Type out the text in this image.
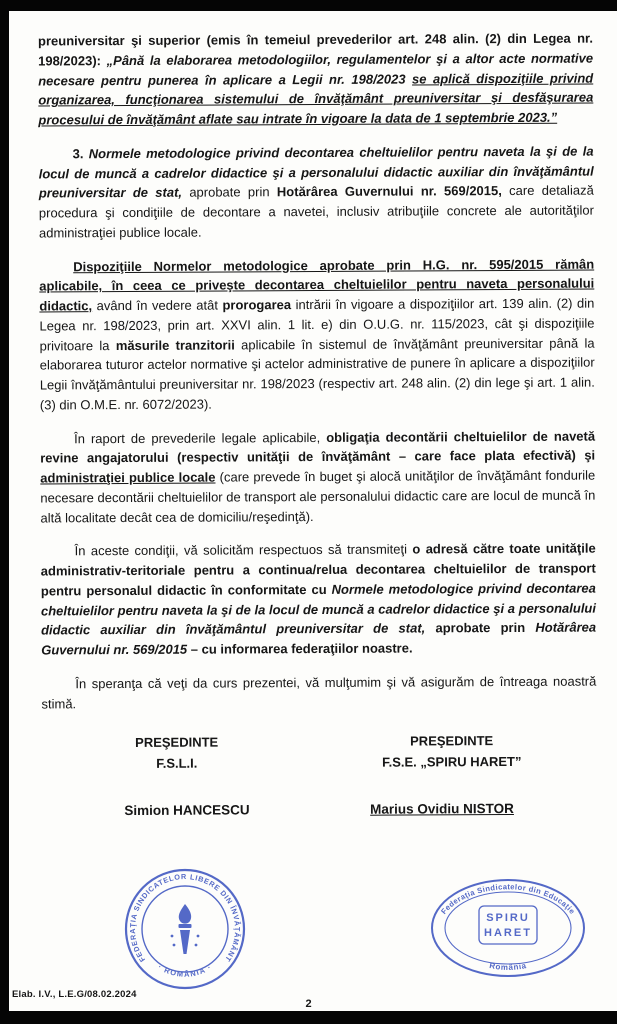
preuniversitar şi superior (emis în temeiul prevederilor art. 248 alin. (2) din Legea nr. 198/2023): „Până la elaborarea metodologiilor, regulamentelor şi a altor acte normative necesare pentru punerea în aplicare a Legii nr. 198/2023 se aplică dispoziţiile privind organizarea, funcţionarea sistemului de învăţământ preuniversitar şi desfăşurarea procesului de învăţământ aflate sau intrate în vigoare la data de 1 septembrie 2023.”

3. Normele metodologice privind decontarea cheltuielilor pentru naveta la şi de la locul de muncă a cadrelor didactice şi a personalului didactic auxiliar din învăţământul preuniversitar de stat, aprobate prin Hotărârea Guvernului nr. 569/2015, care detaliază procedura şi condiţiile de decontare a navetei, inclusiv atribuţiile concrete ale autorităţilor administraţiei publice locale.

Dispoziţiile Normelor metodologice aprobate prin H.G. nr. 595/2015 rămân aplicabile, în ceea ce priveşte decontarea cheltuielilor pentru naveta personalului didactic, având în vedere atât prorogarea intrării în vigoare a dispoziţiilor art. 139 alin. (2) din Legea nr. 198/2023, prin art. XXVI alin. 1 lit. e) din O.U.G. nr. 115/2023, cât şi dispoziţiile privitoare la măsurile tranzitorii aplicabile în sistemul de învăţământ preuniversitar până la elaborarea tuturor actelor normative şi actelor administrative de punere în aplicare a dispoziţiilor Legii învăţământului preuniversitar nr. 198/2023 (respectiv art. 248 alin. (2) din lege şi art. 1 alin. (3) din O.M.E. nr. 6072/2023).

În raport de prevederile legale aplicabile, obligaţia decontării cheltuielilor de navetă revine angajatorului (respectiv unităţii de învăţământ – care face plata efectivă) şi administraţiei publice locale (care prevede în buget şi alocă unităţilor de învăţământ fondurile necesare decontării cheltuielilor de transport ale personalului didactic care are locul de muncă în altă localitate decât cea de domiciliu/reşedinţă).

În aceste condiţii, vă solicităm respectuos să transmiteţi o adresă către toate unităţile administrativ-teritoriale pentru a continua/relua decontarea cheltuielilor de transport pentru personalul didactic în conformitate cu Normele metodologice privind decontarea cheltuielilor pentru naveta la şi de la locul de muncă a cadrelor didactice şi a personalului didactic auxiliar din învăţământul preuniversitar de stat, aprobate prin Hotărârea Guvernului nr. 569/2015 – cu informarea federaţiilor noastre.

În speranţa că veţi da curs prezentei, vă mulţumim şi vă asigurăm de întreaga noastră stimă.

PREŞEDINTE
F.S.L.I.
PREŞEDINTE
F.S.E. „SPIRU HARET”
Simion HANCESCU	Marius Ovidiu NISTOR
FEDERAŢIA SINDICATELOR LIBERE DIN ÎNVĂŢĂMÂNT
· ROMÂNIA ·
Federaţia Sindicatelor din Educaţie
SPIRU
HARET
România
Elab. I.V., L.E.G/08.02.2024
2
